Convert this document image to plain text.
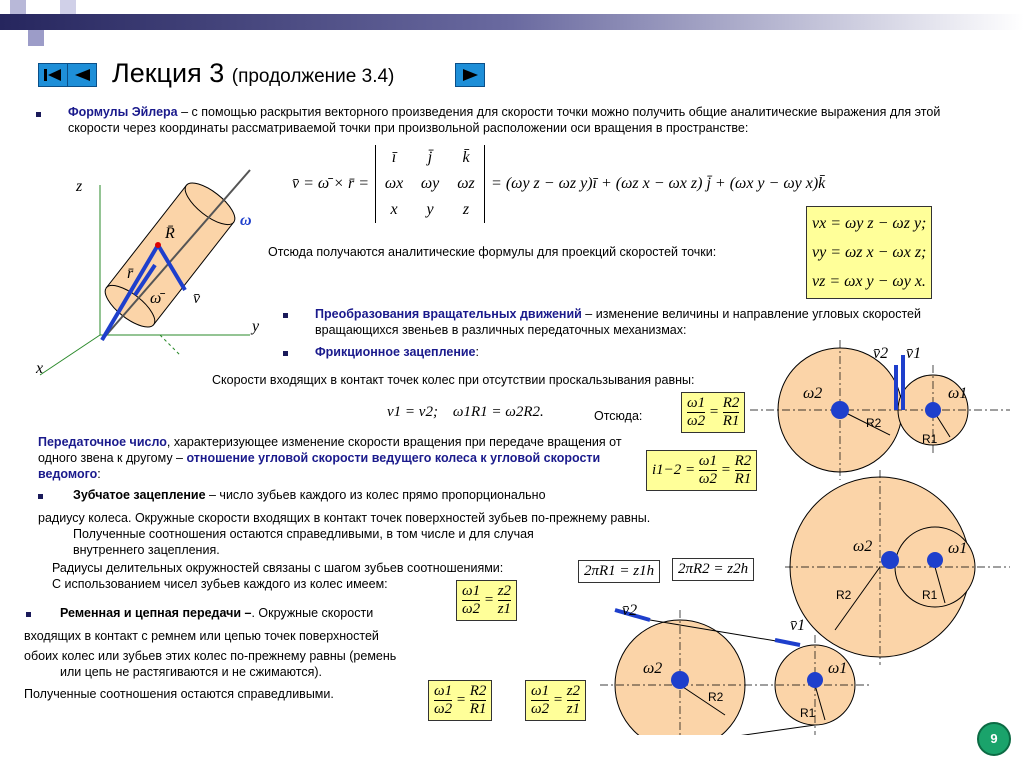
Лекция 3 (продолжение 3.4)
Формулы Эйлера – с помощью раскрытия векторного произведения для скорости точки можно получить общие аналитические выражения для этой скорости через координаты рассматриваемой точки при произвольной расположении оси вращения в пространстве:
v̄ = ω̄ × r̄ =
ī	j̄	k̄
ωx	ωy	ωz
x	y	z
= (ωy z − ωz y)ī + (ωz x − ωx z) j̄ + (ωx y − ωy x)k̄
Отсюда получаются аналитические формулы для проекций скоростей точки:
vx = ωy z − ωz y;
vy = ωz x − ωx z;
vz = ωx y − ωy x.
z
y
x
R̄
r̄
ω̄ v̄
ω
Преобразования вращательных движений – изменение величины и направление угловых скоростей вращающихся звеньев в различных передаточных механизмах:
Фрикционное зацепление:
Скорости входящих в контакт точек колес при отсутствии проскальзывания равны:
v1 = v2;    ω1R1 = ω2R2.	Отсюда:	$\frac{\omega 1}{\omega 2} = \frac{R2}{R1}$
Передаточное число, характеризующее изменение скорости вращения при передаче вращения от одного звена к другому – отношение угловой скорости ведущего колеса к угловой скорости ведомого:	$i1-2 = \frac{\omega 1}{\omega 2} = \frac{R2}{R1}$
Зубчатое зацепление – число зубьев каждого из колес прямо пропорционально
радиусу колеса. Окружные скорости входящих в контакт точек поверхностей зубьев по-прежнему равны.
Полученные соотношения остаются справедливыми, в том числе и для случая внутреннего зацепления.
Радиусы делительных окружностей связаны с шагом зубьев соотношениями:
С использованием чисел зубьев каждого из колес имеем:
2πR1 = z1h	2πR2 = z2h
$\frac{\omega 1}{\omega 2} = \frac{z2}{z1}$
Ременная и цепная передачи –. Окружные скорости
входящих в контакт с ремнем или цепью точек поверхностей
обоих колес или зубьев этих колес по-прежнему равны (ремень
или цепь не растягиваются и не сжимаются).
Полученные соотношения остаются справедливыми.	$\frac{\omega 1}{\omega 2} = \frac{R2}{R1}$	$\frac{\omega 1}{\omega 2} = \frac{z2}{z1}$
v̄2 v̄1
ω2	ω1
R2
R1
ω2	ω1
R2	R1
v̄2
v̄1
ω2	ω1
R2
R1
9
